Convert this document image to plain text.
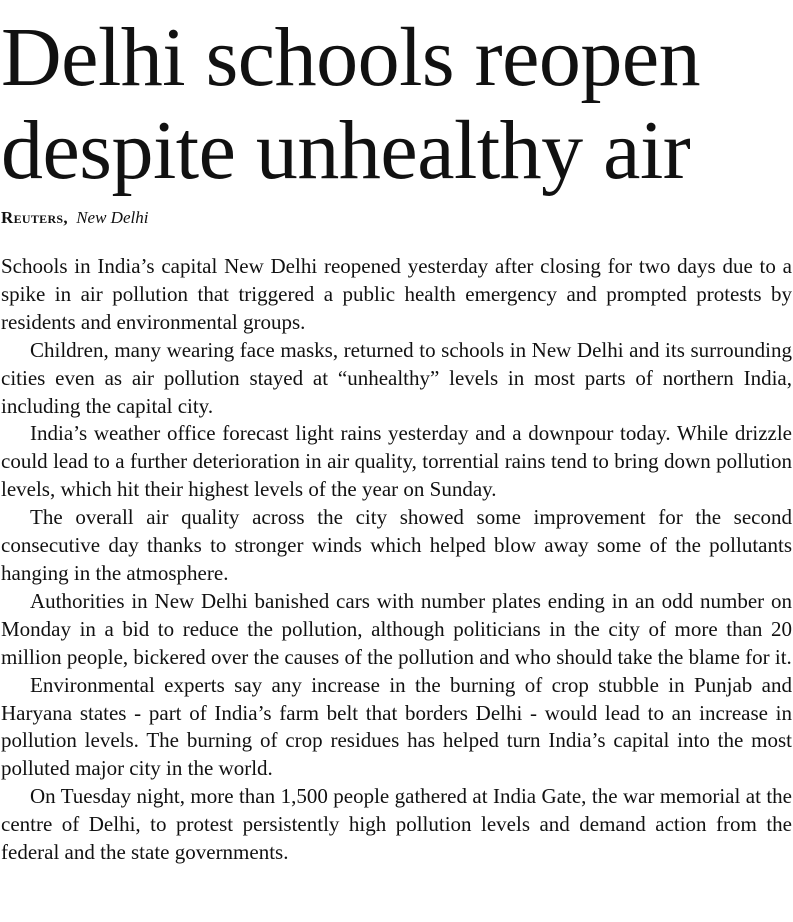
Delhi schools reopen
despite unhealthy air
Reuters, New Delhi

Schools in India’s capital New Delhi reopened yesterday after closing for two days due to a spike in air pollution that triggered a public health emergency and prompted protests by residents and environmental groups.

Children, many wearing face masks, returned to schools in New Delhi and its surrounding cities even as air pollution stayed at “unhealthy” levels in most parts of northern India, including the capital city.

India’s weather office forecast light rains yesterday and a downpour today. While drizzle could lead to a further deterioration in air quality, torrential rains tend to bring down pollution levels, which hit their highest levels of the year on Sunday.

The overall air quality across the city showed some improvement for the second consecutive day thanks to stronger winds which helped blow away some of the pollutants hanging in the atmosphere.

Authorities in New Delhi banished cars with number plates ending in an odd number on Monday in a bid to reduce the pollution, although politicians in the city of more than 20 million people, bickered over the causes of the pollution and who should take the blame for it.

Environmental experts say any increase in the burning of crop stubble in Punjab and Haryana states - part of India’s farm belt that borders Delhi - would lead to an increase in pollution levels. The burning of crop residues has helped turn India’s capital into the most polluted major city in the world.

On Tuesday night, more than 1,500 people gathered at India Gate, the war memorial at the centre of Delhi, to protest persistently high pollution levels and demand action from the federal and the state governments.
